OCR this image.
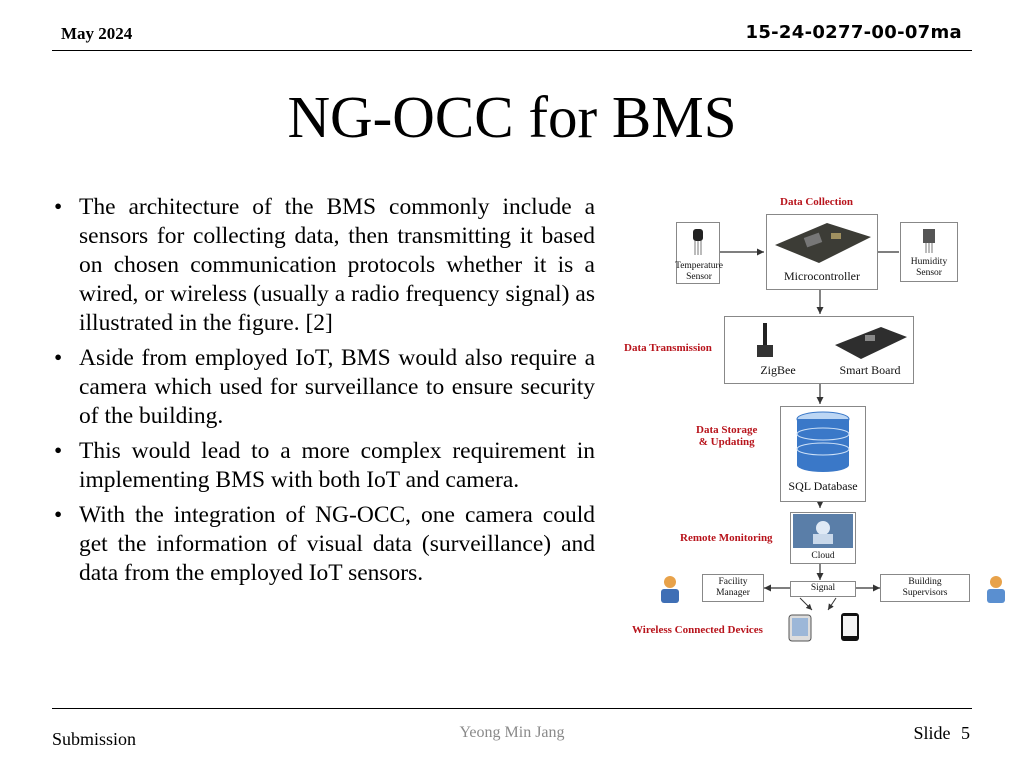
May 2024	15-24-0277-00-07ma
NG-OCC for BMS
• The architecture of the BMS commonly include a sensors for collecting data, then transmitting it based on chosen communication protocols whether it is a wired, or wireless (usually a radio frequency signal) as illustrated in the figure. [2]
• Aside from employed IoT, BMS would also require a camera which used for surveillance to ensure security of the building.
• This would lead to a more complex requirement in implementing BMS with both IoT and camera.
• With the integration of NG-OCC, one camera could get the information of visual data (surveillance) and data from the employed IoT sensors.
Data Collection
Temperature
Sensor	Microcontroller
Humidity
Sensor
Data Transmission
ZigBee	Smart Board
Data Storage
& Updating
SQL Database
Remote Monitoring
Cloud
Facility
Manager	Signal
Building
Supervisors
Wireless Connected Devices
Submission	Yeong Min Jang	Slide 5
